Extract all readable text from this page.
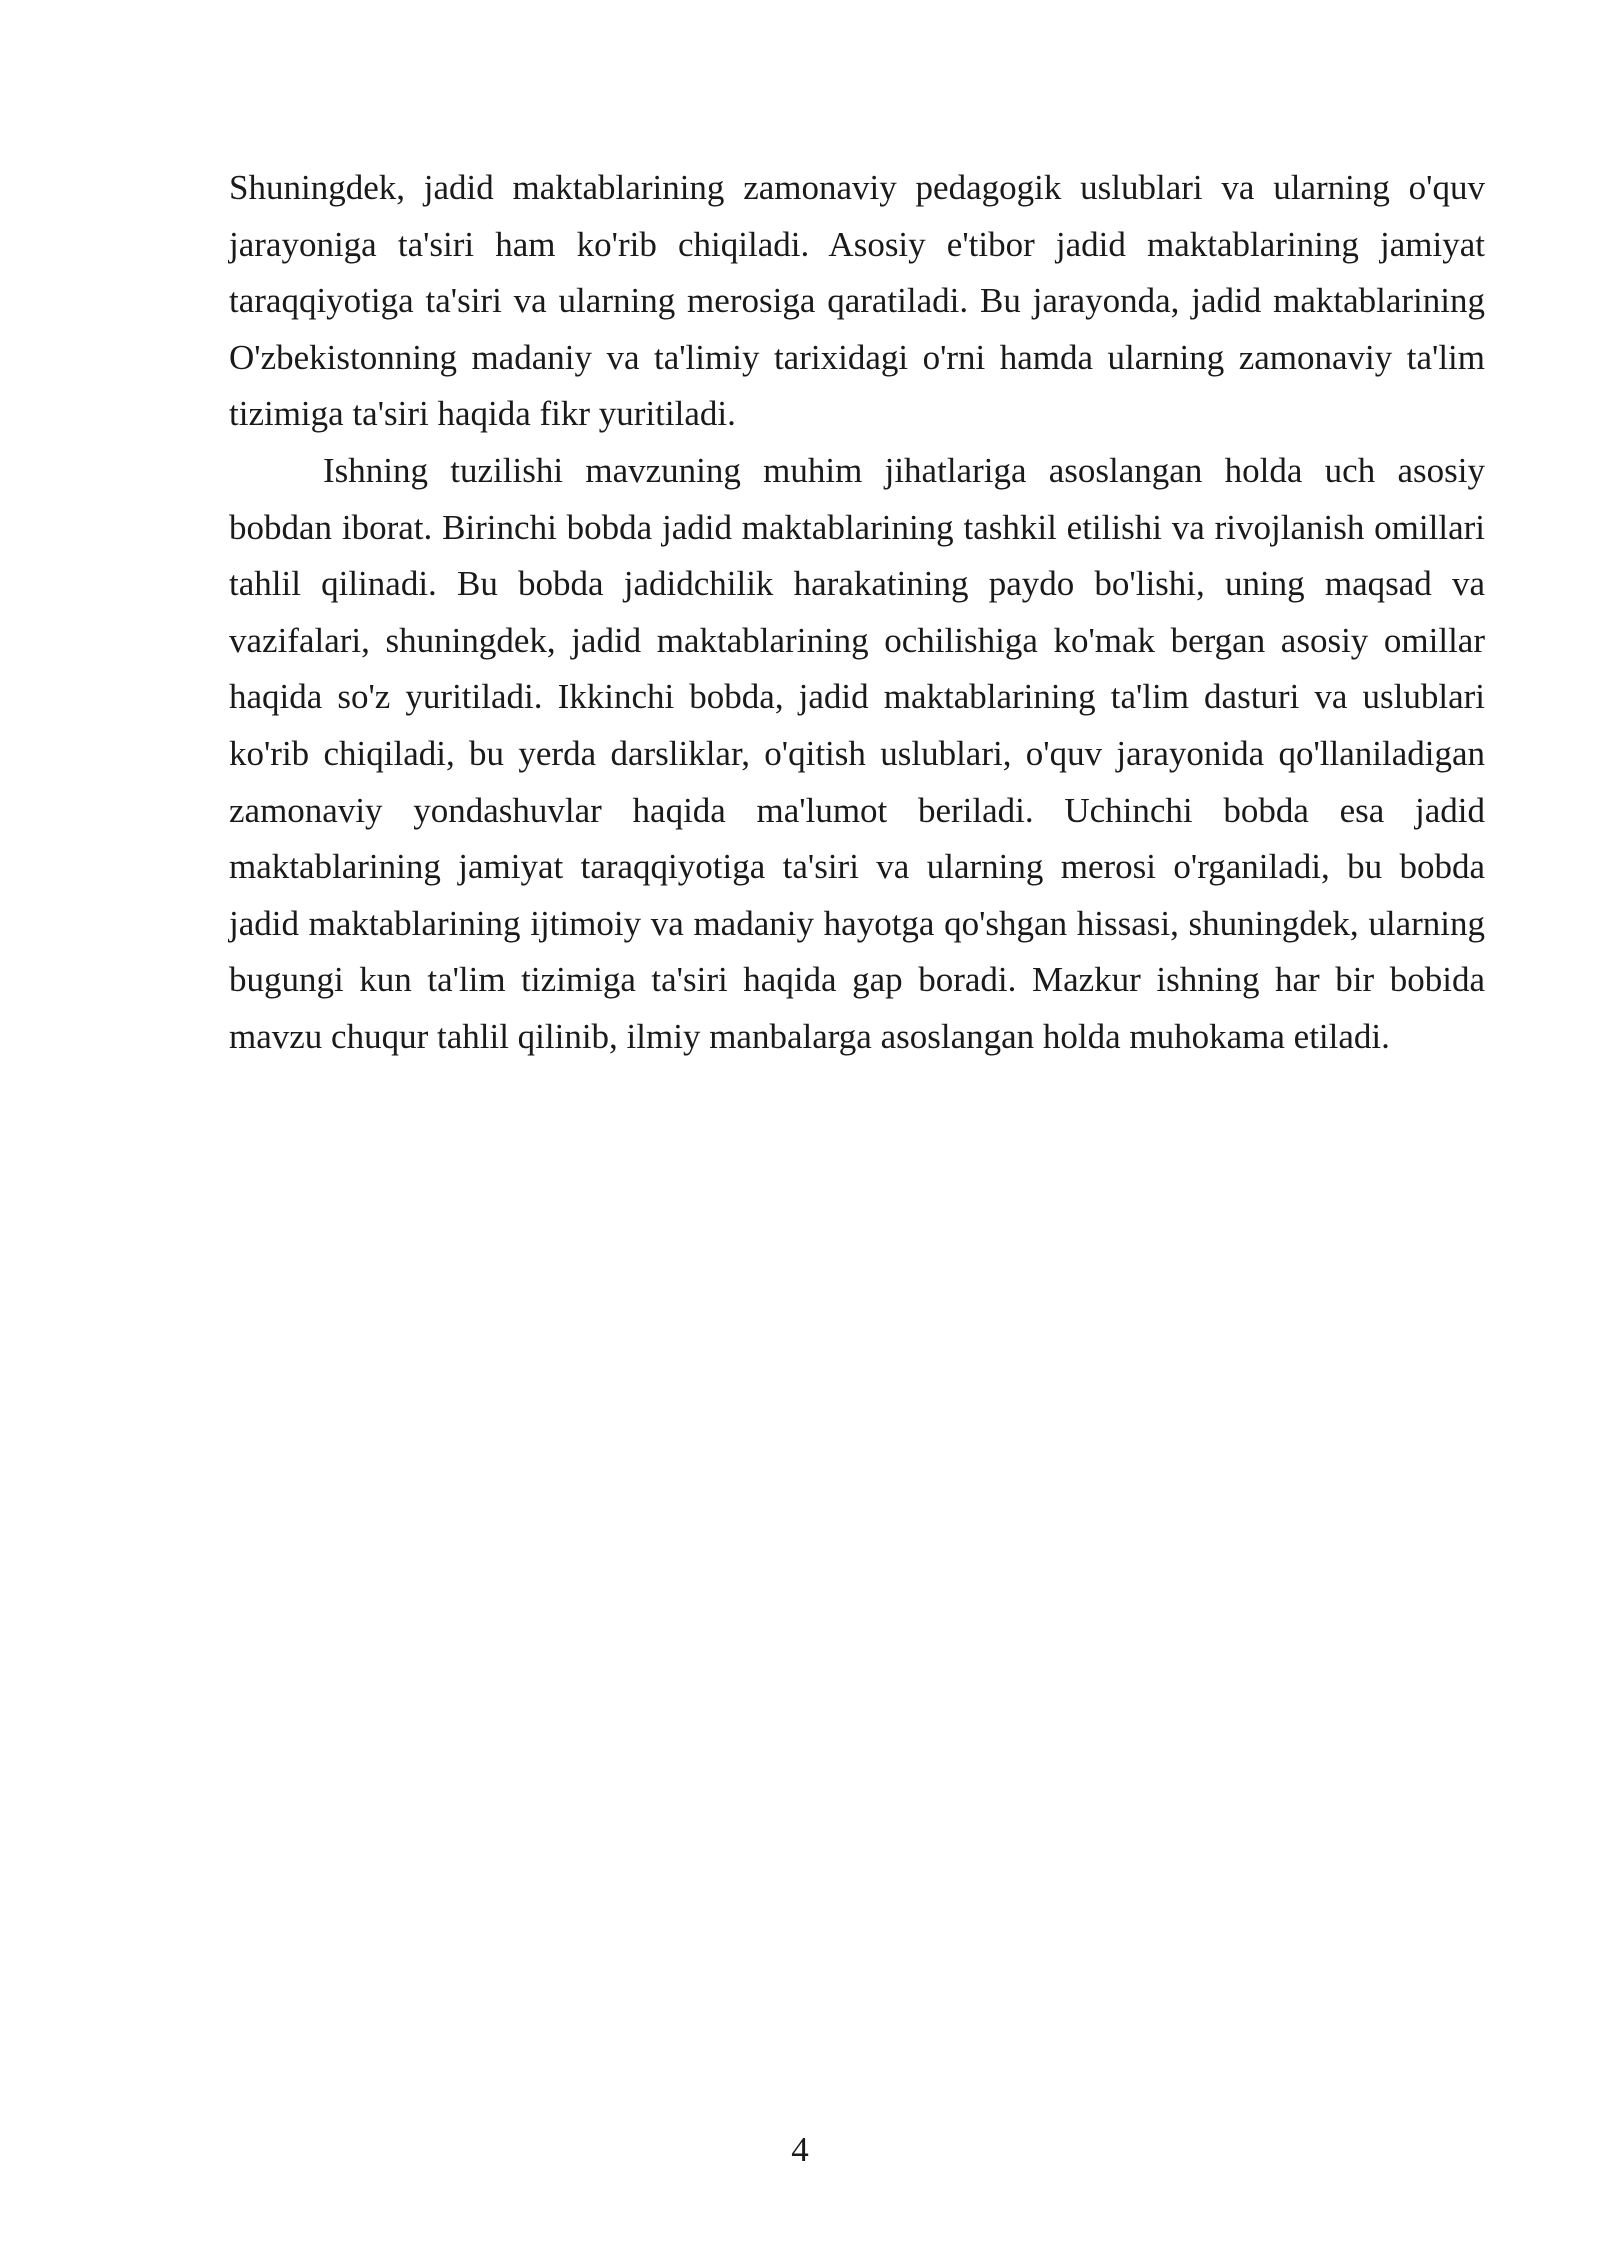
Shuningdek, jadid maktablarining zamonaviy pedagogik uslublari va ularning o'quv jarayoniga ta'siri ham ko'rib chiqiladi. Asosiy e'tibor jadid maktablarining jamiyat taraqqiyotiga ta'siri va ularning merosiga qaratiladi. Bu jarayonda, jadid maktablarining O'zbekistonning madaniy va ta'limiy tarixidagi o'rni hamda ularning zamonaviy ta'lim tizimiga ta'siri haqida fikr yuritiladi.

Ishning tuzilishi mavzuning muhim jihatlariga asoslangan holda uch asosiy bobdan iborat. Birinchi bobda jadid maktablarining tashkil etilishi va rivojlanish omillari tahlil qilinadi. Bu bobda jadidchilik harakatining paydo bo'lishi, uning maqsad va vazifalari, shuningdek, jadid maktablarining ochilishiga ko'mak bergan asosiy omillar haqida so'z yuritiladi. Ikkinchi bobda, jadid maktablarining ta'lim dasturi va uslublari ko'rib chiqiladi, bu yerda darsliklar, o'qitish uslublari, o'quv jarayonida qo'llaniladigan zamonaviy yondashuvlar haqida ma'lumot beriladi. Uchinchi bobda esa jadid maktablarining jamiyat taraqqiyotiga ta'siri va ularning merosi o'rganiladi, bu bobda jadid maktablarining ijtimoiy va madaniy hayotga qo'shgan hissasi, shuningdek, ularning bugungi kun ta'lim tizimiga ta'siri haqida gap boradi. Mazkur ishning har bir bobida mavzu chuqur tahlil qilinib, ilmiy manbalarga asoslangan holda muhokama etiladi.

4
